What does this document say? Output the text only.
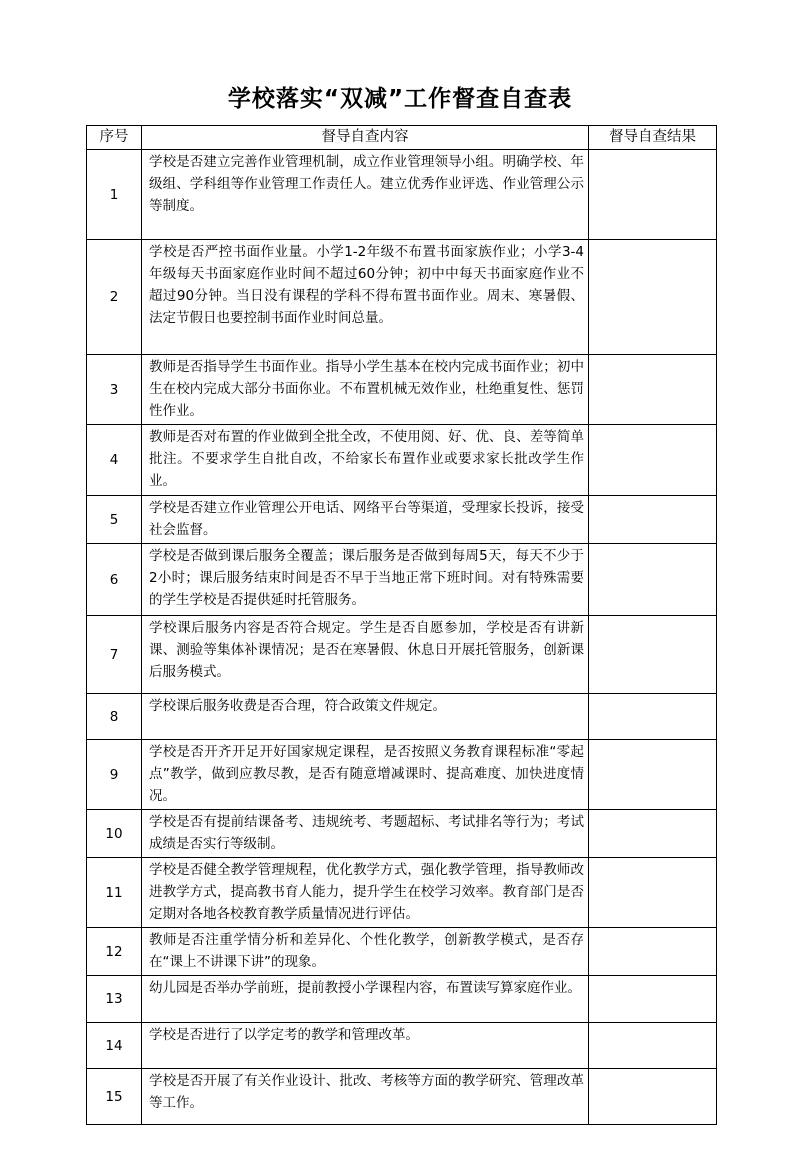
学校落实“双减”工作督查自查表
序号	督导自查内容	督导自查结果
1	学校是否建立完善作业管理机制，成立作业管理领导小组。明确学校、年级组、学科组等作业管理工作责任人。建立优秀作业评选、作业管理公示等制度。	
2	学校是否严控书面作业量。小学1-2年级不布置书面家族作业；小学3-4年级每天书面家庭作业时间不超过60分钟；初中中每天书面家庭作业不超过90分钟。当日没有课程的学科不得布置书面作业。周末、寒暑假、法定节假日也要控制书面作业时间总量。	
3	教师是否指导学生书面作业。指导小学生基本在校内完成书面作业；初中生在校内完成大部分书面你业。不布置机械无效作业，杜绝重复性、惩罚性作业。	
4	教师是否对布置的作业做到全批全改，不使用阅、好、优、良、差等简单批注。不要求学生自批自改，不给家长布置作业或要求家长批改学生作业。	
5	学校是否建立作业管理公开电话、网络平台等渠道，受理家长投诉，接受社会监督。	
6	学校是否做到课后服务全覆盖；课后服务是否做到每周5天，每天不少于2小时；课后服务结束时间是否不早于当地正常下班时间。对有特殊需要的学生学校是否提供延时托管服务。	
7	学校课后服务内容是否符合规定。学生是否自愿参加，学校是否有讲新课、测验等集体补课情况；是否在寒暑假、休息日开展托管服务，创新课后服务模式。	
8	学校课后服务收费是否合理，符合政策文件规定。	
9	学校是否开齐开足开好国家规定课程，是否按照义务教育课程标准“零起点”教学，做到应教尽教，是否有随意增减课时、提高难度、加快进度情况。	
10	学校是否有提前结课备考、违规统考、考题超标、考试排名等行为；考试成绩是否实行等级制。	
11	学校是否健全教学管理规程，优化教学方式，强化教学管理，指导教师改进教学方式，提高教书育人能力，提升学生在校学习效率。教育部门是否定期对各地各校教育教学质量情况进行评估。	
12	教师是否注重学情分析和差异化、个性化教学，创新教学模式，是否存在“课上不讲课下讲”的现象。	
13	幼儿园是否举办学前班，提前教授小学课程内容，布置读写算家庭作业。	
14	学校是否进行了以学定考的教学和管理改革。	
15	学校是否开展了有关作业设计、批改、考核等方面的教学研究、管理改革等工作。	
